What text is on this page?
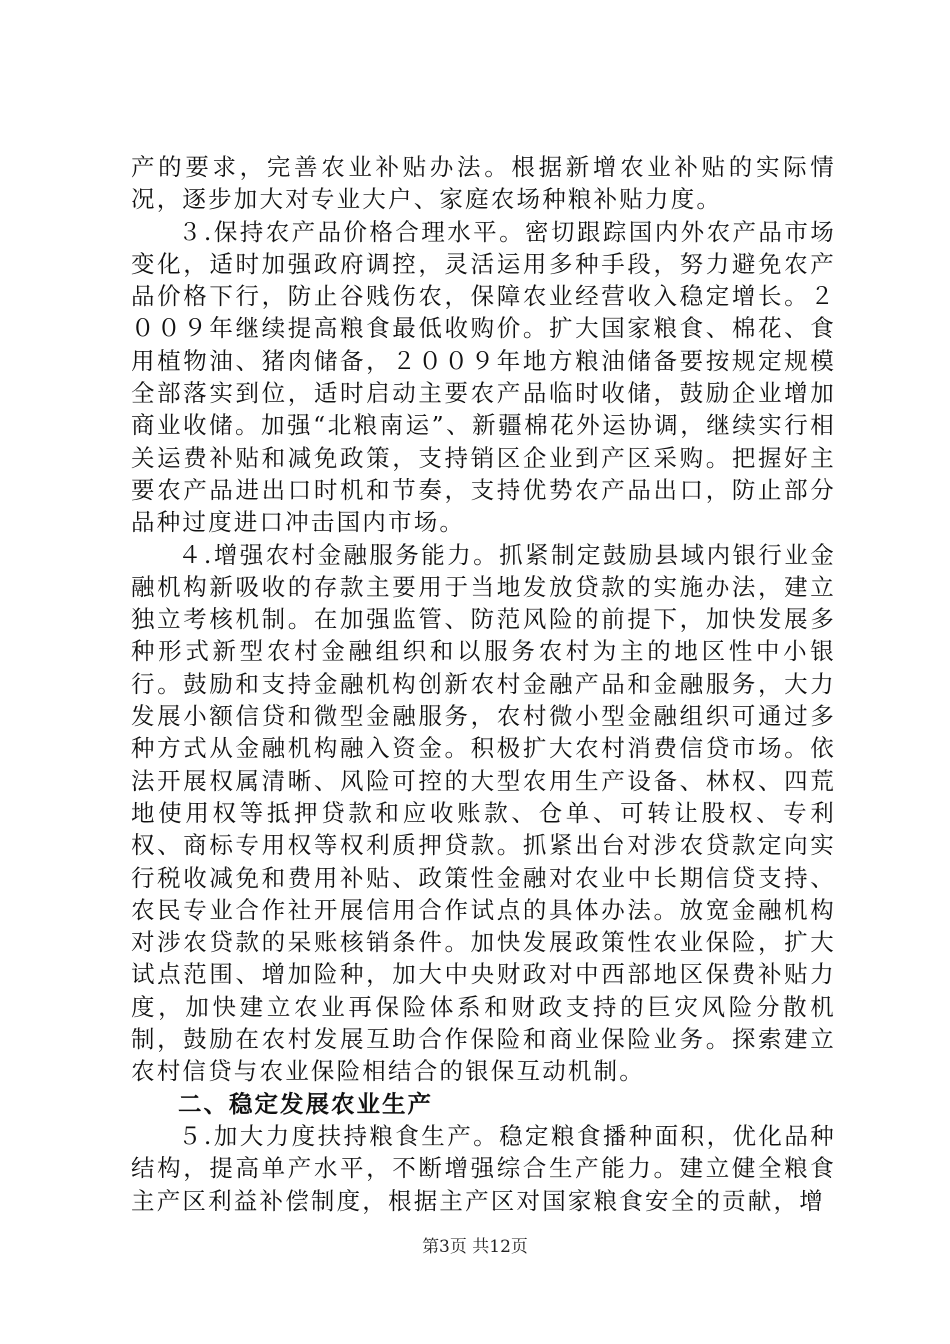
产的要求，完善农业补贴办法。根据新增农业补贴的实际情况，逐步加大对专业大户、家庭农场种粮补贴力度。

３.保持农产品价格合理水平。密切跟踪国内外农产品市场变化，适时加强政府调控，灵活运用多种手段，努力避免农产品价格下行，防止谷贱伤农，保障农业经营收入稳定增长。２００９年继续提高粮食最低收购价。扩大国家粮食、棉花、食用植物油、猪肉储备，２００９年地方粮油储备要按规定规模全部落实到位，适时启动主要农产品临时收储，鼓励企业增加商业收储。加强“北粮南运”、新疆棉花外运协调，继续实行相关运费补贴和减免政策，支持销区企业到产区采购。把握好主要农产品进出口时机和节奏，支持优势农产品出口，防止部分品种过度进口冲击国内市场。

４.增强农村金融服务能力。抓紧制定鼓励县域内银行业金融机构新吸收的存款主要用于当地发放贷款的实施办法，建立独立考核机制。在加强监管、防范风险的前提下，加快发展多种形式新型农村金融组织和以服务农村为主的地区性中小银行。鼓励和支持金融机构创新农村金融产品和金融服务，大力发展小额信贷和微型金融服务，农村微小型金融组织可通过多种方式从金融机构融入资金。积极扩大农村消费信贷市场。依法开展权属清晰、风险可控的大型农用生产设备、林权、四荒地使用权等抵押贷款和应收账款、仓单、可转让股权、专利权、商标专用权等权利质押贷款。抓紧出台对涉农贷款定向实行税收减免和费用补贴、政策性金融对农业中长期信贷支持、农民专业合作社开展信用合作试点的具体办法。放宽金融机构对涉农贷款的呆账核销条件。加快发展政策性农业保险，扩大试点范围、增加险种，加大中央财政对中西部地区保费补贴力度，加快建立农业再保险体系和财政支持的巨灾风险分散机制，鼓励在农村发展互助合作保险和商业保险业务。探索建立农村信贷与农业保险相结合的银保互动机制。

二、稳定发展农业生产

５.加大力度扶持粮食生产。稳定粮食播种面积，优化品种结构，提高单产水平，不断增强综合生产能力。建立健全粮食主产区利益补偿制度，根据主产区对国家粮食安全的贡献，增

第3页 共12页
